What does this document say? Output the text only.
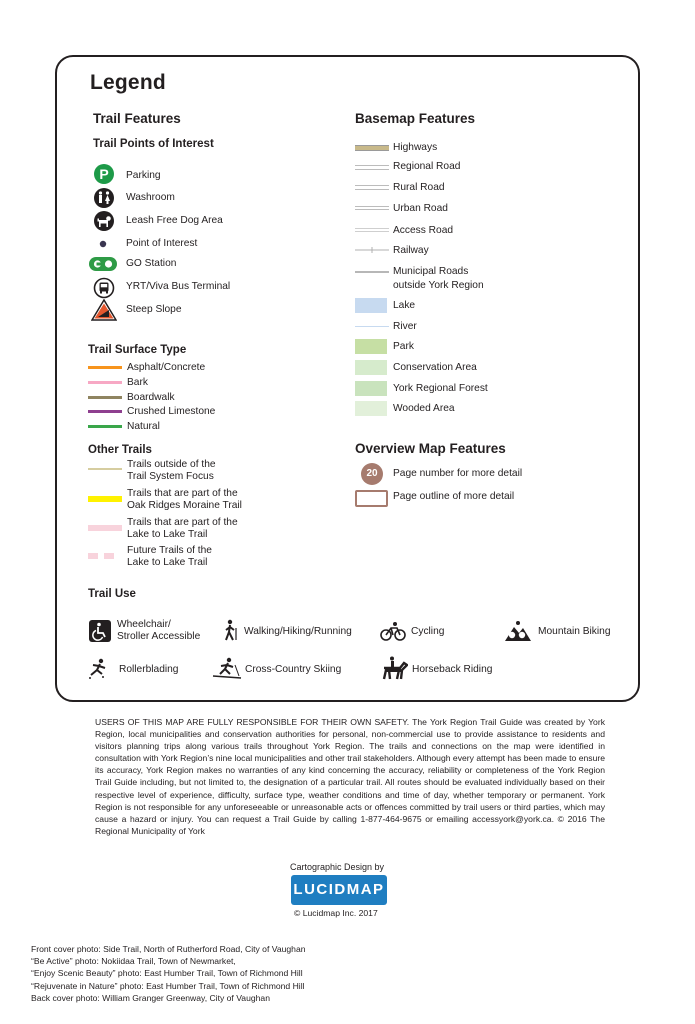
Legend
Trail Features
Trail Points of Interest
P Parking
Washroom
Leash Free Dog Area
Point of Interest
GO Station
YRT/Viva Bus Terminal
Steep Slope
Trail Surface Type
Asphalt/Concrete
Bark
Boardwalk
Crushed Limestone
Natural
Other Trails
Trails outside of the
Trail System Focus
Trails that are part of the
Oak Ridges Moraine Trail
Trails that are part of the
Lake to Lake Trail
Future Trails of the
Lake to Lake Trail
Basemap Features
Highways
Regional Road
Rural Road
Urban Road
Access Road
Railway
Municipal Roads
outside York Region
Lake
River
Park
Conservation Area
York Regional Forest
Wooded Area
Overview Map Features
20	Page number for more detail
Page outline of more detail
Trail Use
Wheelchair/
Stroller Accessible	Walking/Hiking/Running	Cycling	Mountain Biking
Rollerblading	Cross-Country Skiing	Horseback Riding
USERS OF THIS MAP ARE FULLY RESPONSIBLE FOR THEIR OWN SAFETY. The York Region Trail Guide was created by York Region, local municipalities and conservation authorities for personal, non-commercial use to provide assistance to residents and visitors planning trips along various trails throughout York Region. The trails and connections on the map were identified in consultation with York Region’s nine local municipalities and other trail stakeholders. Although every attempt has been made to ensure its accuracy, York Region makes no warranties of any kind concerning the accuracy, reliability or completeness of the York Region Trail Guide including, but not limited to, the designation of a particular trail. All routes should be evaluated individually based on their respective level of experience, difficulty, surface type, weather conditions and time of day, whether temporary or permanent. York Region is not responsible for any unforeseeable or unreasonable acts or offences committed by trail users or third parties, which may cause a hazard or injury. You can request a Trail Guide by calling 1-877-464-9675 or emailing accessyork@york.ca. © 2016 The Regional Municipality of York
Cartographic Design by
LUCIDMAP
© Lucidmap Inc. 2017
Front cover photo: Side Trail, North of Rutherford Road, City of Vaughan
“Be Active” photo: Nokiidaa Trail, Town of Newmarket,
“Enjoy Scenic Beauty” photo: East Humber Trail, Town of Richmond Hill
“Rejuvenate in Nature” photo: East Humber Trail, Town of Richmond Hill
Back cover photo: William Granger Greenway, City of Vaughan
